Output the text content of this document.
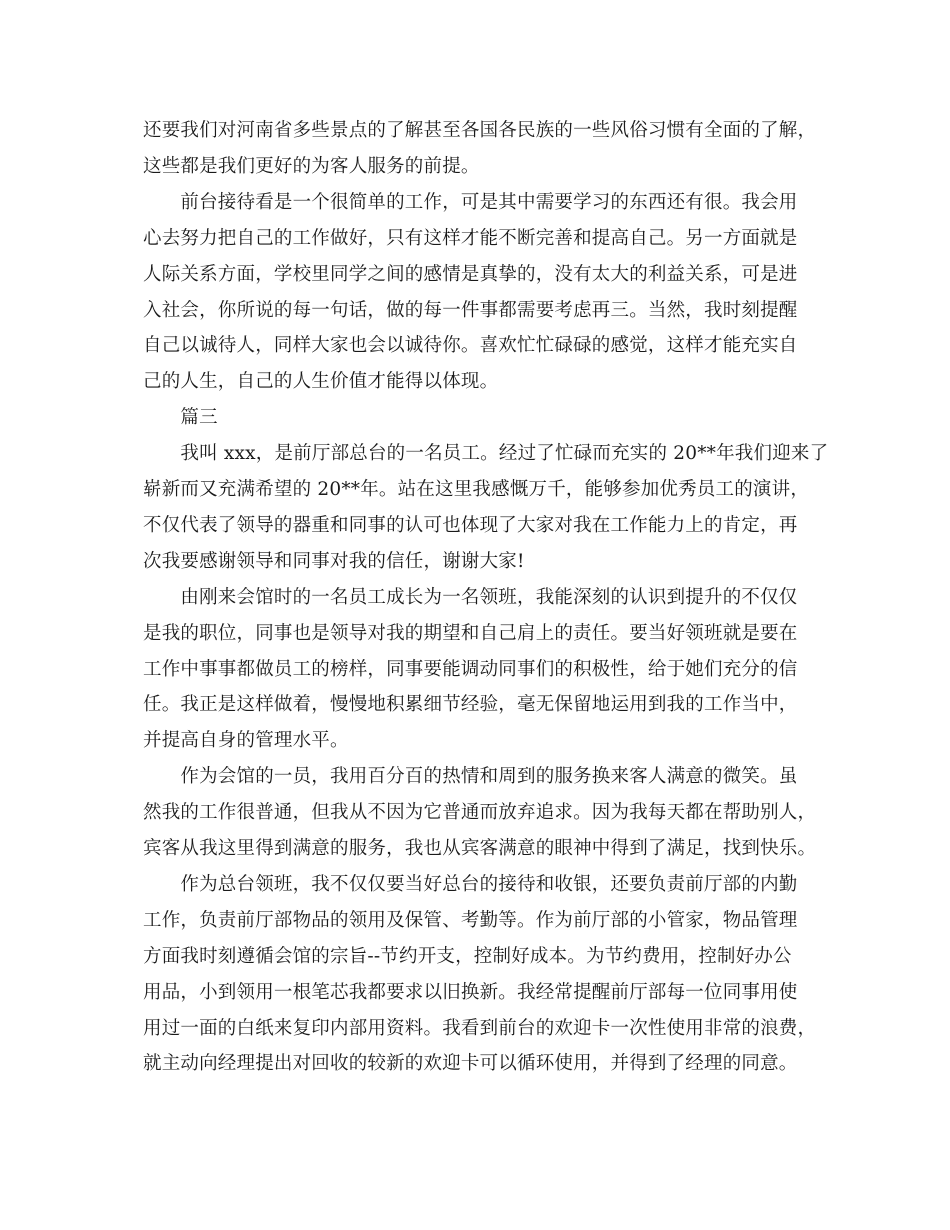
还要我们对河南省多些景点的了解甚至各国各民族的一些风俗习惯有全面的了解，
这些都是我们更好的为客人服务的前提。
　　前台接待看是一个很简单的工作，可是其中需要学习的东西还有很。我会用
心去努力把自己的工作做好，只有这样才能不断完善和提高自己。另一方面就是
人际关系方面，学校里同学之间的感情是真挚的，没有太大的利益关系，可是进
入社会，你所说的每一句话，做的每一件事都需要考虑再三。当然，我时刻提醒
自己以诚待人，同样大家也会以诚待你。喜欢忙忙碌碌的感觉，这样才能充实自
己的人生，自己的人生价值才能得以体现。
　　篇三
　　我叫 xxx，是前厅部总台的一名员工。经过了忙碌而充实的 20**年我们迎来了
崭新而又充满希望的 20**年。站在这里我感慨万千，能够参加优秀员工的演讲，
不仅代表了领导的器重和同事的认可也体现了大家对我在工作能力上的肯定，再
次我要感谢领导和同事对我的信任，谢谢大家!
　　由刚来会馆时的一名员工成长为一名领班，我能深刻的认识到提升的不仅仅
是我的职位，同事也是领导对我的期望和自己肩上的责任。要当好领班就是要在
工作中事事都做员工的榜样，同事要能调动同事们的积极性，给于她们充分的信
任。我正是这样做着，慢慢地积累细节经验，毫无保留地运用到我的工作当中，
并提高自身的管理水平。
　　作为会馆的一员，我用百分百的热情和周到的服务换来客人满意的微笑。虽
然我的工作很普通，但我从不因为它普通而放弃追求。因为我每天都在帮助别人，
宾客从我这里得到满意的服务，我也从宾客满意的眼神中得到了满足，找到快乐。
　　作为总台领班，我不仅仅要当好总台的接待和收银，还要负责前厅部的内勤
工作，负责前厅部物品的领用及保管、考勤等。作为前厅部的小管家，物品管理
方面我时刻遵循会馆的宗旨--节约开支，控制好成本。为节约费用，控制好办公
用品，小到领用一根笔芯我都要求以旧换新。我经常提醒前厅部每一位同事用使
用过一面的白纸来复印内部用资料。我看到前台的欢迎卡一次性使用非常的浪费，
就主动向经理提出对回收的较新的欢迎卡可以循环使用，并得到了经理的同意。
